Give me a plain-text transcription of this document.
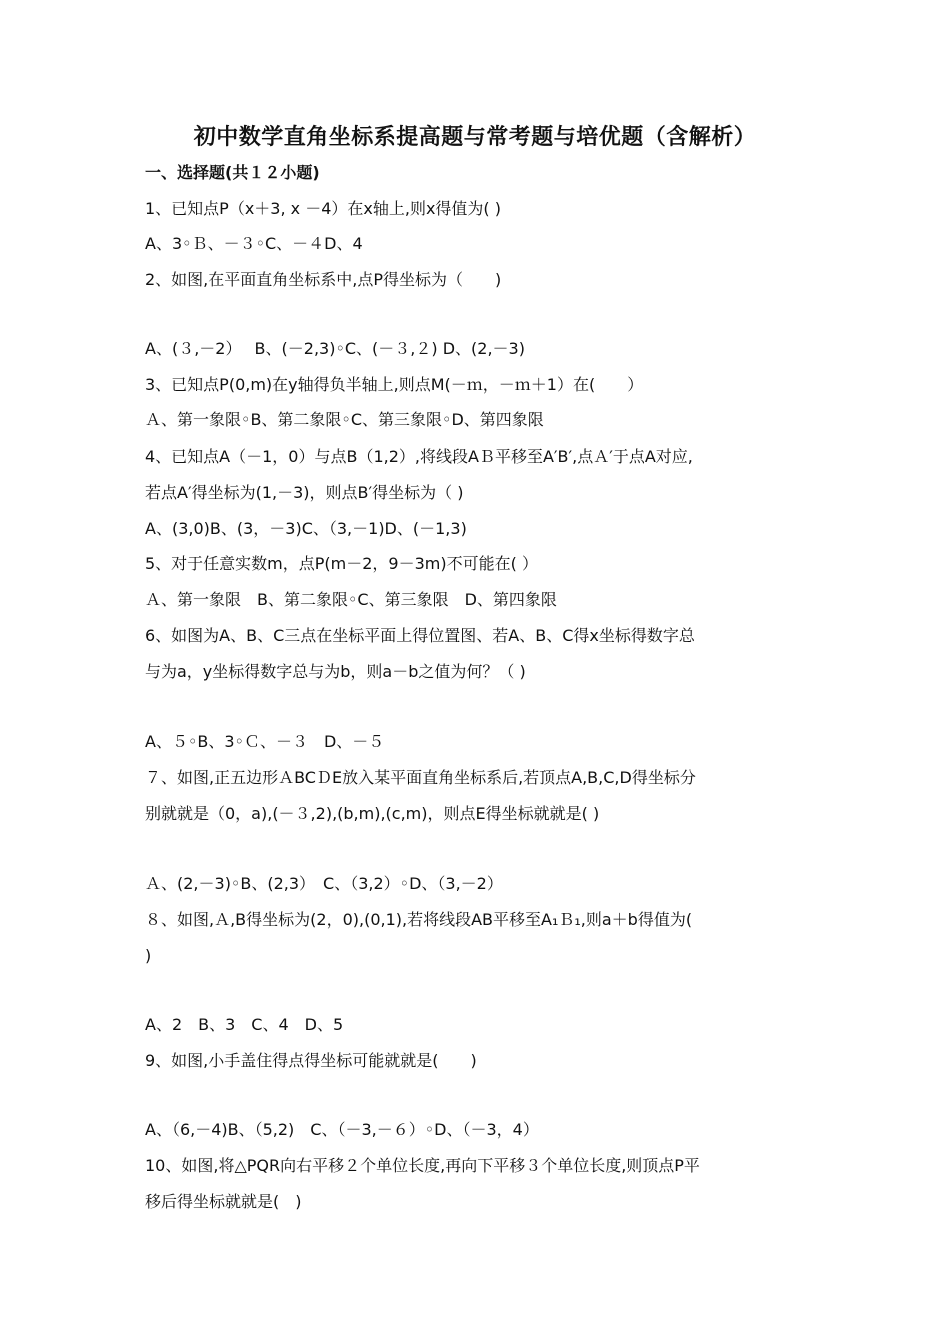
初中数学直角坐标系提高题与常考题与培优题（含解析）
一、选择题(共１２小题)
1、已知点P（x＋3, x －4）在x轴上,则x得值为( )
A、3◦Ｂ、－３◦C、－４D、4
2、如图,在平面直角坐标系中,点P得坐标为（　　)
A、(３,－2）　 B、(－2,3)◦C、(－３,２) D、(2,－3)
3、已知点P(0,m)在y轴得负半轴上,则点M(－ｍ，－ｍ＋1）在(　　）
Ａ、第一象限◦B、第二象限◦C、第三象限◦D、第四象限
4、已知点A（－1，0）与点B（1,2）,将线段AＢ平移至A′B′,点Ａ′于点A对应,
若点A′得坐标为(1,－3)，则点B′得坐标为（ )
A、(3,0)B、(3，－3)C、（3,－1)D、(－1,3)
5、对于任意实数m，点P(m－2，9－3m)不可能在( ）
Ａ、第一象限　B、第二象限◦C、第三象限　D、第四象限
6、如图为A、B、C三点在坐标平面上得位置图、若A、B、C得x坐标得数字总
与为a，y坐标得数字总与为b，则a－b之值为何？（ )
A、５◦B、3◦Ｃ、－３　D、－５
７、如图,正五边形ＡBCＤE放入某平面直角坐标系后,若顶点A,B,C,D得坐标分
别就就是（0，a),(－３,2),(b,m),(c,m)，则点E得坐标就就是( )
Ａ、(2,－3)◦B、(2,3）　C、（3,2）◦D、（3,－2）
８、如图,Ａ,B得坐标为(2，0),(0,1),若将线段AB平移至A₁Ｂ₁,则a＋b得值为(
)
A、2　B、3　C、4　D、5
9、如图,小手盖住得点得坐标可能就就是(　　)
A、（6,－4)B、（5,2)　C、（－3,－６）◦D、（－3，4）
10、如图,将△PQR向右平移２个单位长度,再向下平移３个单位长度,则顶点P平
移后得坐标就就是(　)
